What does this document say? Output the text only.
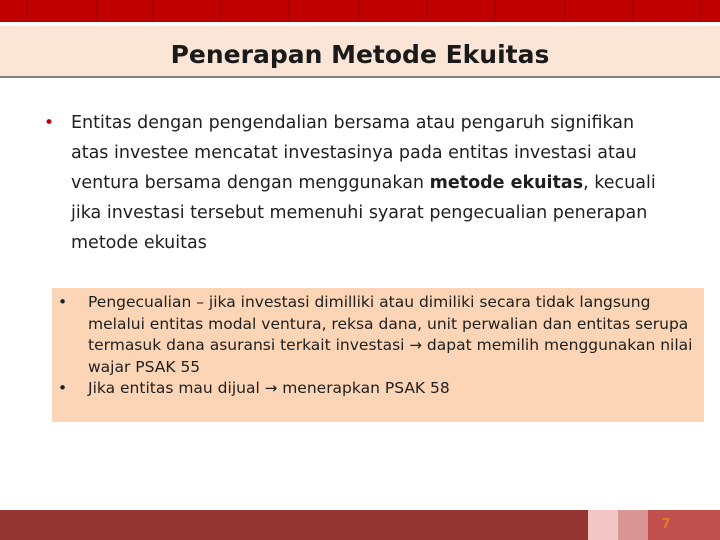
Penerapan Metode Ekuitas
• Entitas dengan pengendalian bersama atau pengaruh signifikan atas investee mencatat investasinya pada entitas investasi atau ventura bersama dengan menggunakan metode ekuitas, kecuali jika investasi tersebut memenuhi syarat pengecualian penerapan metode ekuitas
• Pengecualian – jika investasi dimilliki atau dimiliki secara tidak langsung melalui entitas modal ventura, reksa dana, unit perwalian dan entitas serupa termasuk dana asuransi terkait investasi → dapat memilih menggunakan nilai wajar PSAK 55
• Jika entitas mau dijual → menerapkan PSAK 58
7
